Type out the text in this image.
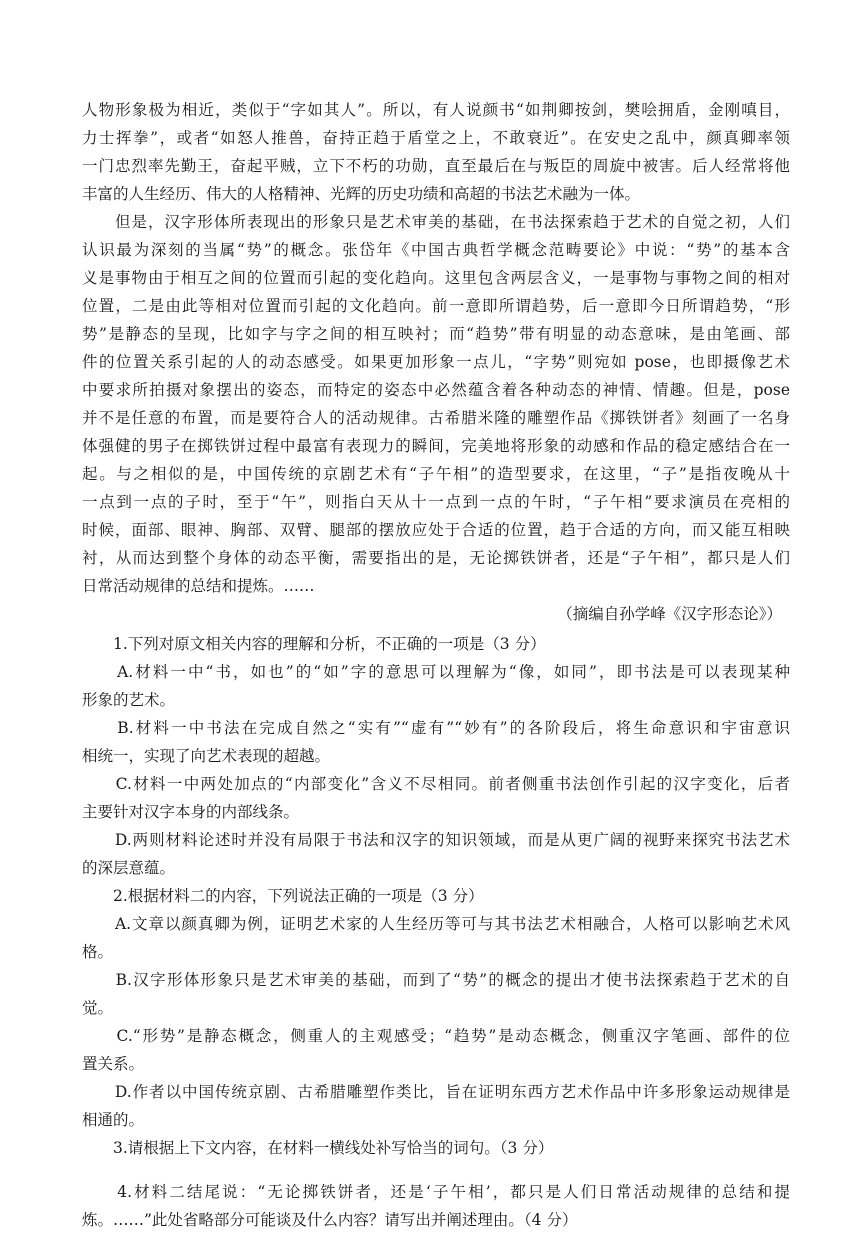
人物形象极为相近，类似于“字如其人”。所以，有人说颜书“如荆卿按剑，樊哙拥盾，金刚嗔目，
力士挥拳”，或者“如怒人推兽，奋持正趋于盾堂之上，不敢衰近”。在安史之乱中，颜真卿率领
一门忠烈率先勤王，奋起平贼，立下不朽的功勋，直至最后在与叛臣的周旋中被害。后人经常将他
丰富的人生经历、伟大的人格精神、光辉的历史功绩和高超的书法艺术融为一体。
　　但是，汉字形体所表现出的形象只是艺术审美的基础，在书法探索趋于艺术的自觉之初，人们
认识最为深刻的当属“势”的概念。张岱年《中国古典哲学概念范畴要论》中说：“势”的基本含
义是事物由于相互之间的位置而引起的变化趋向。这里包含两层含义，一是事物与事物之间的相对
位置，二是由此等相对位置而引起的文化趋向。前一意即所谓趋势，后一意即今日所谓趋势，“形
势”是静态的呈现，比如字与字之间的相互映衬；而“趋势”带有明显的动态意味，是由笔画、部
件的位置关系引起的人的动态感受。如果更加形象一点儿，“字势”则宛如 pose，也即摄像艺术
中要求所拍摄对象摆出的姿态，而特定的姿态中必然蕴含着各种动态的神情、情趣。但是，pose
并不是任意的布置，而是要符合人的活动规律。古希腊米隆的雕塑作品《掷铁饼者》刻画了一名身
体强健的男子在掷铁饼过程中最富有表现力的瞬间，完美地将形象的动感和作品的稳定感结合在一
起。与之相似的是，中国传统的京剧艺术有“子午相”的造型要求，在这里，“子”是指夜晚从十
一点到一点的子时，至于“午”，则指白天从十一点到一点的午时，“子午相”要求演员在亮相的
时候，面部、眼神、胸部、双臂、腿部的摆放应处于合适的位置，趋于合适的方向，而又能互相映
衬，从而达到整个身体的动态平衡，需要指出的是，无论掷铁饼者，还是“子午相”，都只是人们
日常活动规律的总结和提炼。……
（摘编自孙学峰《汉字形态论》）
　　1.下列对原文相关内容的理解和分析，不正确的一项是（3 分）
　　A.材料一中“书，如也”的“如”字的意思可以理解为“像，如同”，即书法是可以表现某种
形象的艺术。
　　B.材料一中书法在完成自然之“实有”“虚有”“妙有”的各阶段后，将生命意识和宇宙意识
相统一，实现了向艺术表现的超越。
　　C.材料一中两处加点的“内部变化”含义不尽相同。前者侧重书法创作引起的汉字变化，后者
主要针对汉字本身的内部线条。
　　D.两则材料论述时并没有局限于书法和汉字的知识领域，而是从更广阔的视野来探究书法艺术
的深层意蕴。
　　2.根据材料二的内容，下列说法正确的一项是（3 分）
　　A.文章以颜真卿为例，证明艺术家的人生经历等可与其书法艺术相融合，人格可以影响艺术风
格。
　　B.汉字形体形象只是艺术审美的基础，而到了“势”的概念的提出才使书法探索趋于艺术的自
觉。
　　C.“形势”是静态概念，侧重人的主观感受；“趋势”是动态概念，侧重汉字笔画、部件的位
置关系。
　　D.作者以中国传统京剧、古希腊雕塑作类比，旨在证明东西方艺术作品中许多形象运动规律是
相通的。
　　3.请根据上下文内容，在材料一横线处补写恰当的词句。（3 分）
　　4.材料二结尾说：“无论掷铁饼者，还是‘子午相’，都只是人们日常活动规律的总结和提
炼。……”此处省略部分可能谈及什么内容？请写出并阐述理由。（4 分）
